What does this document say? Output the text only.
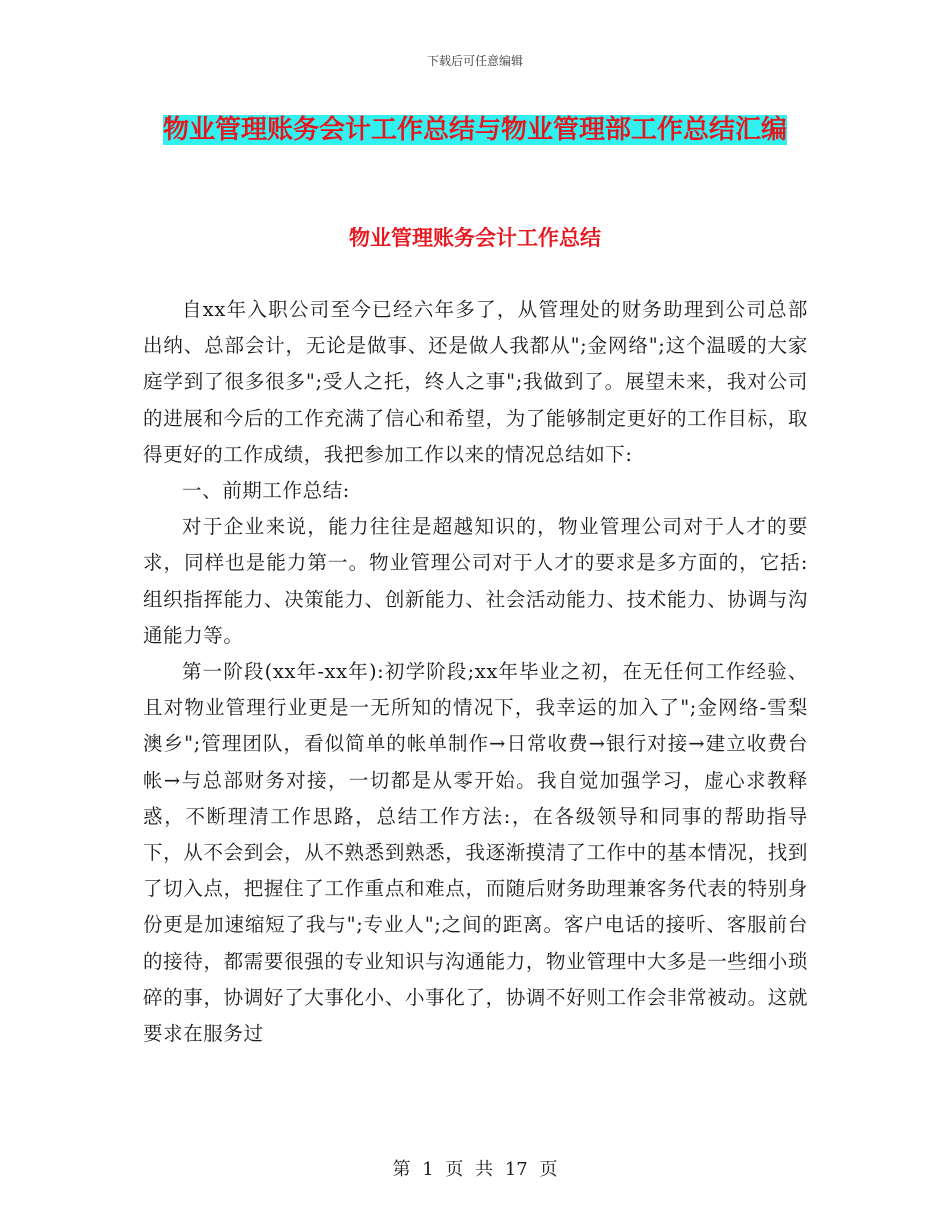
下载后可任意编辑
物业管理账务会计工作总结与物业管理部工作总结汇编
物业管理账务会计工作总结

自xx年入职公司至今已经六年多了，从管理处的财务助理到公司总部出纳、总部会计，无论是做事、还是做人我都从";金网络";这个温暖的大家庭学到了很多很多";受人之托，终人之事";我做到了。展望未来，我对公司的进展和今后的工作充满了信心和希望，为了能够制定更好的工作目标，取得更好的工作成绩，我把参加工作以来的情况总结如下:

一、前期工作总结:

对于企业来说，能力往往是超越知识的，物业管理公司对于人才的要求，同样也是能力第一。物业管理公司对于人才的要求是多方面的，它括:组织指挥能力、决策能力、创新能力、社会活动能力、技术能力、协调与沟通能力等。

第一阶段(xx年-xx年):初学阶段;xx年毕业之初，在无任何工作经验、且对物业管理行业更是一无所知的情况下，我幸运的加入了";金网络-雪梨澳乡";管理团队，看似简单的帐单制作→日常收费→银行对接→建立收费台帐→与总部财务对接，一切都是从零开始。我自觉加强学习，虚心求教释惑，不断理清工作思路，总结工作方法:，在各级领导和同事的帮助指导下，从不会到会，从不熟悉到熟悉，我逐渐摸清了工作中的基本情况，找到了切入点，把握住了工作重点和难点，而随后财务助理兼客务代表的特别身份更是加速缩短了我与";专业人";之间的距离。客户电话的接听、客服前台的接待，都需要很强的专业知识与沟通能力，物业管理中大多是一些细小琐碎的事，协调好了大事化小、小事化了，协调不好则工作会非常被动。这就要求在服务过

第 1 页 共 17 页
